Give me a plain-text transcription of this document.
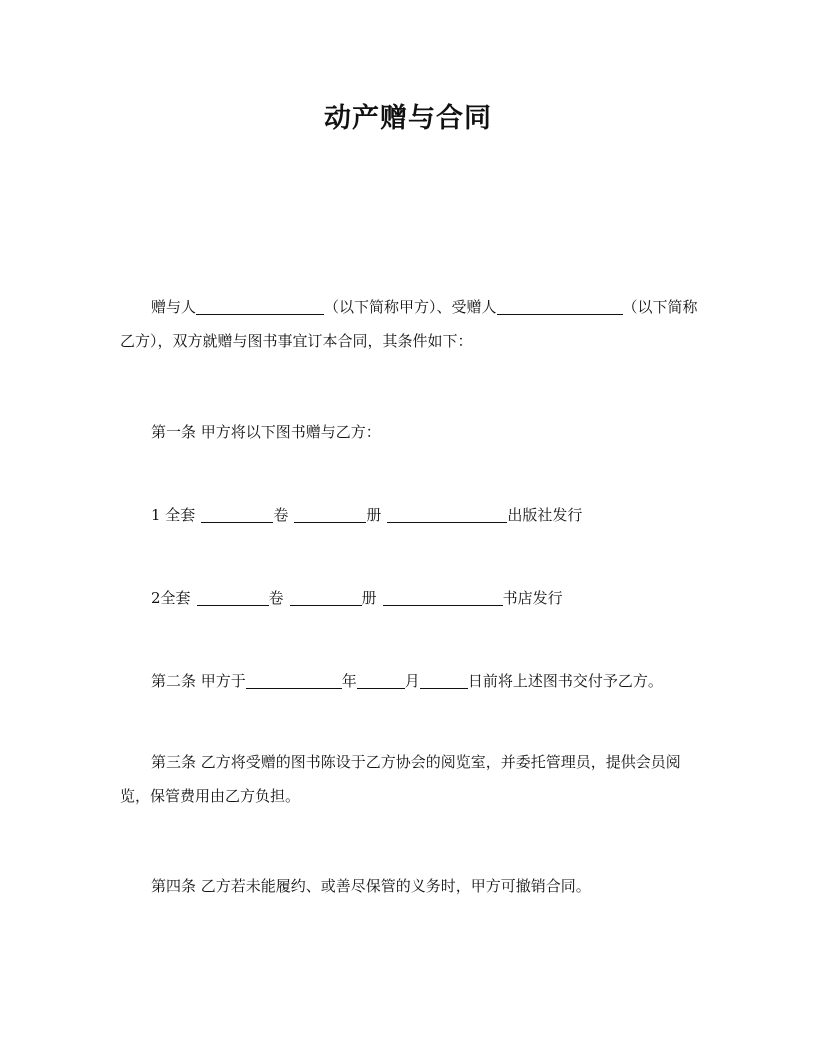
动产赠与合同

赠与人	（以下简称甲方）、受赠人	（以下简称乙方），双方就赠与图书事宜订本合同，其条件如下：

第一条 甲方将以下图书赠与乙方：

1 全套	卷	册	出版社发行

2全套	卷	册	书店发行

第二条 甲方于	年	月	日前将上述图书交付予乙方。

第三条 乙方将受赠的图书陈设于乙方协会的阅览室，并委托管理员，提供会员阅览，保管费用由乙方负担。

第四条 乙方若未能履约、或善尽保管的义务时，甲方可撤销合同。
